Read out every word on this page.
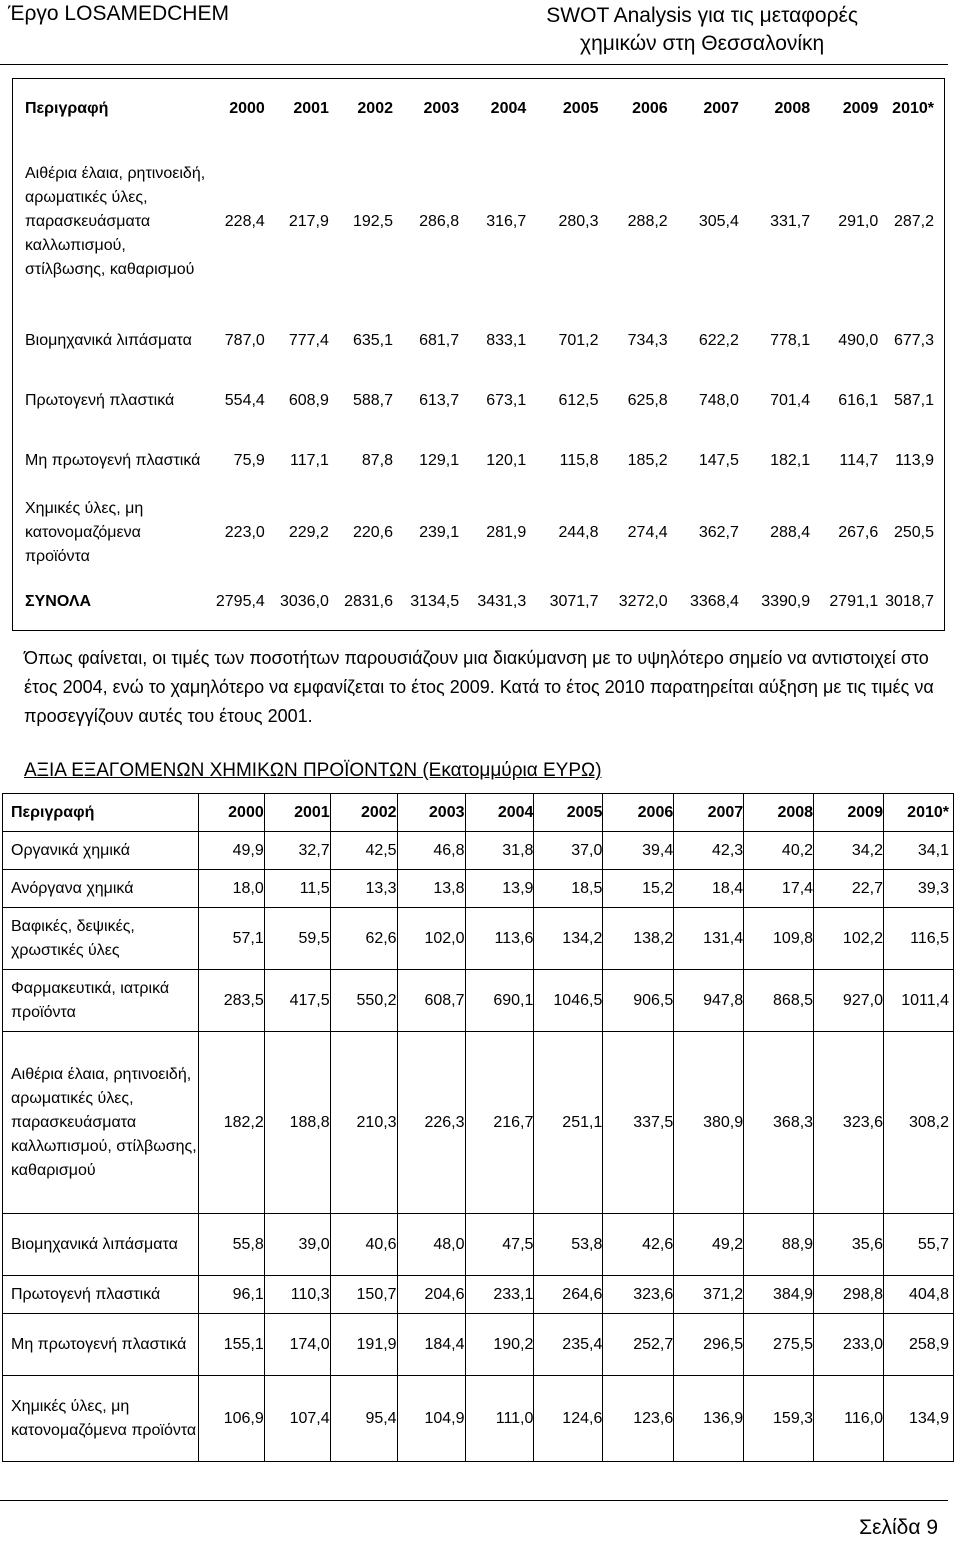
Έργο LOSAMEDCHEM	SWOT Analysis για τις μεταφορές
χημικών στη Θεσσαλονίκη
Περιγραφή	2000	2001	2002	2003	2004	2005	2006	2007	2008	2009	2010*
Αιθέρια έλαια, ρητινοειδή, αρωματικές ύλες, παρασκευάσματα καλλωπισμού, στίλβωσης, καθαρισμού	228,4	217,9	192,5	286,8	316,7	280,3	288,2	305,4	331,7	291,0	287,2
Βιομηχανικά λιπάσματα	787,0	777,4	635,1	681,7	833,1	701,2	734,3	622,2	778,1	490,0	677,3
Πρωτογενή πλαστικά	554,4	608,9	588,7	613,7	673,1	612,5	625,8	748,0	701,4	616,1	587,1
Μη πρωτογενή πλαστικά	75,9	117,1	87,8	129,1	120,1	115,8	185,2	147,5	182,1	114,7	113,9
Χημικές ύλες, μη κατονομαζόμενα προϊόντα	223,0	229,2	220,6	239,1	281,9	244,8	274,4	362,7	288,4	267,6	250,5
ΣΥΝΟΛΑ	2795,4	3036,0	2831,6	3134,5	3431,3	3071,7	3272,0	3368,4	3390,9	2791,1	3018,7
Όπως φαίνεται, οι τιμές των ποσοτήτων παρουσιάζουν μια διακύμανση με το υψηλότερο σημείο να αντιστοιχεί στο έτος 2004, ενώ το χαμηλότερο να εμφανίζεται το έτος 2009. Κατά το έτος 2010 παρατηρείται αύξηση με τις τιμές να προσεγγίζουν αυτές του έτους 2001.
ΑΞΙΑ ΕΞΑΓΟΜΕΝΩΝ ΧΗΜΙΚΩΝ ΠΡΟΪΟΝΤΩΝ (Εκατομμύρια ΕΥΡΩ)
Περιγραφή	2000	2001	2002	2003	2004	2005	2006	2007	2008	2009	2010*
Οργανικά χημικά	49,9	32,7	42,5	46,8	31,8	37,0	39,4	42,3	40,2	34,2	34,1
Ανόργανα χημικά	18,0	11,5	13,3	13,8	13,9	18,5	15,2	18,4	17,4	22,7	39,3
Βαφικές, δεψικές, χρωστικές ύλες	57,1	59,5	62,6	102,0	113,6	134,2	138,2	131,4	109,8	102,2	116,5
Φαρμακευτικά, ιατρικά προϊόντα	283,5	417,5	550,2	608,7	690,1	1046,5	906,5	947,8	868,5	927,0	1011,4
Αιθέρια έλαια, ρητινοειδή, αρωματικές ύλες, παρασκευάσματα καλλωπισμού, στίλβωσης, καθαρισμού	182,2	188,8	210,3	226,3	216,7	251,1	337,5	380,9	368,3	323,6	308,2
Βιομηχανικά λιπάσματα	55,8	39,0	40,6	48,0	47,5	53,8	42,6	49,2	88,9	35,6	55,7
Πρωτογενή πλαστικά	96,1	110,3	150,7	204,6	233,1	264,6	323,6	371,2	384,9	298,8	404,8
Μη πρωτογενή πλαστικά	155,1	174,0	191,9	184,4	190,2	235,4	252,7	296,5	275,5	233,0	258,9
Χημικές ύλες, μη κατονομαζόμενα προϊόντα	106,9	107,4	95,4	104,9	111,0	124,6	123,6	136,9	159,3	116,0	134,9
Σελίδα 9
